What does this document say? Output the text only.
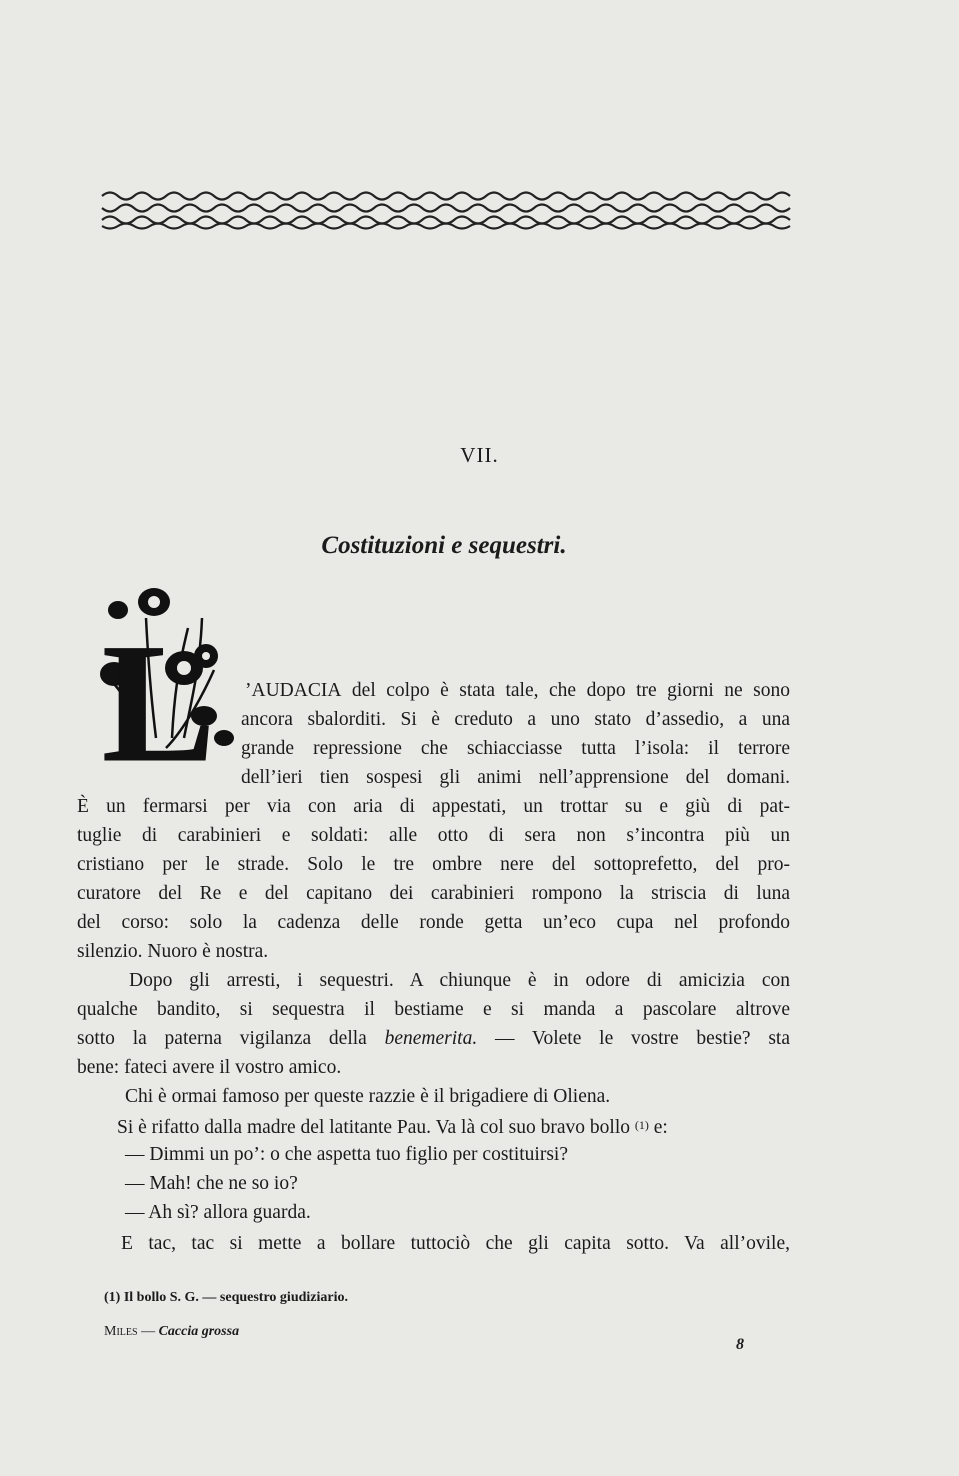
VII.
Costituzioni e sequestri.
L ’AUDACIA del colpo è stata tale, che dopo tre giorni ne sono
ancora sbalorditi. Si è creduto a uno stato d’assedio, a una
grande repressione che schiacciasse tutta l’isola: il terrore
dell’ieri tien sospesi gli animi nell’apprensione del domani.
È un fermarsi per via con aria di appestati, un trottar su e giù di pat-
tuglie di carabinieri e soldati: alle otto di sera non s’incontra più un
cristiano per le strade. Solo le tre ombre nere del sottoprefetto, del pro-
curatore del Re e del capitano dei carabinieri rompono la striscia di luna
del corso: solo la cadenza delle ronde getta un’eco cupa nel profondo
silenzio. Nuoro è nostra.
Dopo gli arresti, i sequestri. A chiunque è in odore di amicizia con
qualche bandito, si sequestra il bestiame e si manda a pascolare altrove
sotto la paterna vigilanza della benemerita. — Volete le vostre bestie? sta
bene: fateci avere il vostro amico.
Chi è ormai famoso per queste razzie è il brigadiere di Oliena.
Si è rifatto dalla madre del latitante Pau. Va là col suo bravo bollo $^{(1)}$ e:
— Dimmi un po’: o che aspetta tuo figlio per costituirsi?
— Mah! che ne so io?
— Ah sì? allora guarda.
E tac, tac si mette a bollare tuttociò che gli capita sotto. Va all’ovile,
(1) Il bollo S. G. — sequestro giudiziario.
Miles — Caccia grossa
8
